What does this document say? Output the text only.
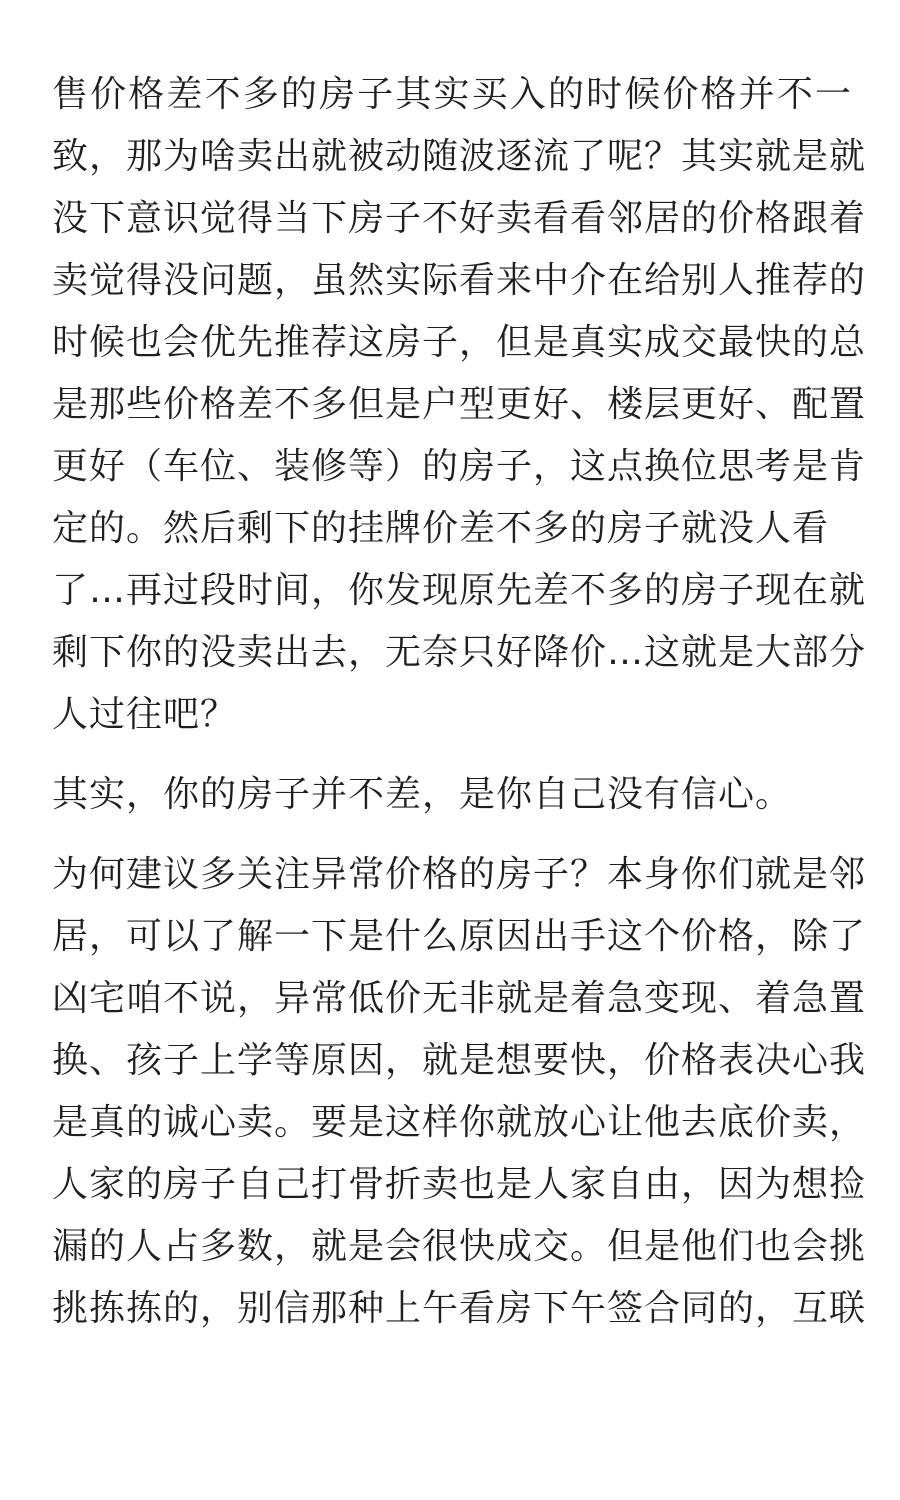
售价格差不多的房子其实买入的时候价格并不一
致，那为啥卖出就被动随波逐流了呢？其实就是就
没下意识觉得当下房子不好卖看看邻居的价格跟着
卖觉得没问题，虽然实际看来中介在给别人推荐的
时候也会优先推荐这房子，但是真实成交最快的总
是那些价格差不多但是户型更好、楼层更好、配置
更好（车位、装修等）的房子，这点换位思考是肯
定的。然后剩下的挂牌价差不多的房子就没人看
了…再过段时间，你发现原先差不多的房子现在就
剩下你的没卖出去，无奈只好降价…这就是大部分
人过往吧？
其实，你的房子并不差，是你自己没有信心。
为何建议多关注异常价格的房子？本身你们就是邻
居，可以了解一下是什么原因出手这个价格，除了
凶宅咱不说，异常低价无非就是着急变现、着急置
换、孩子上学等原因，就是想要快，价格表决心我
是真的诚心卖。要是这样你就放心让他去底价卖，
人家的房子自己打骨折卖也是人家自由，因为想捡
漏的人占多数，就是会很快成交。但是他们也会挑
挑拣拣的，别信那种上午看房下午签合同的，互联
